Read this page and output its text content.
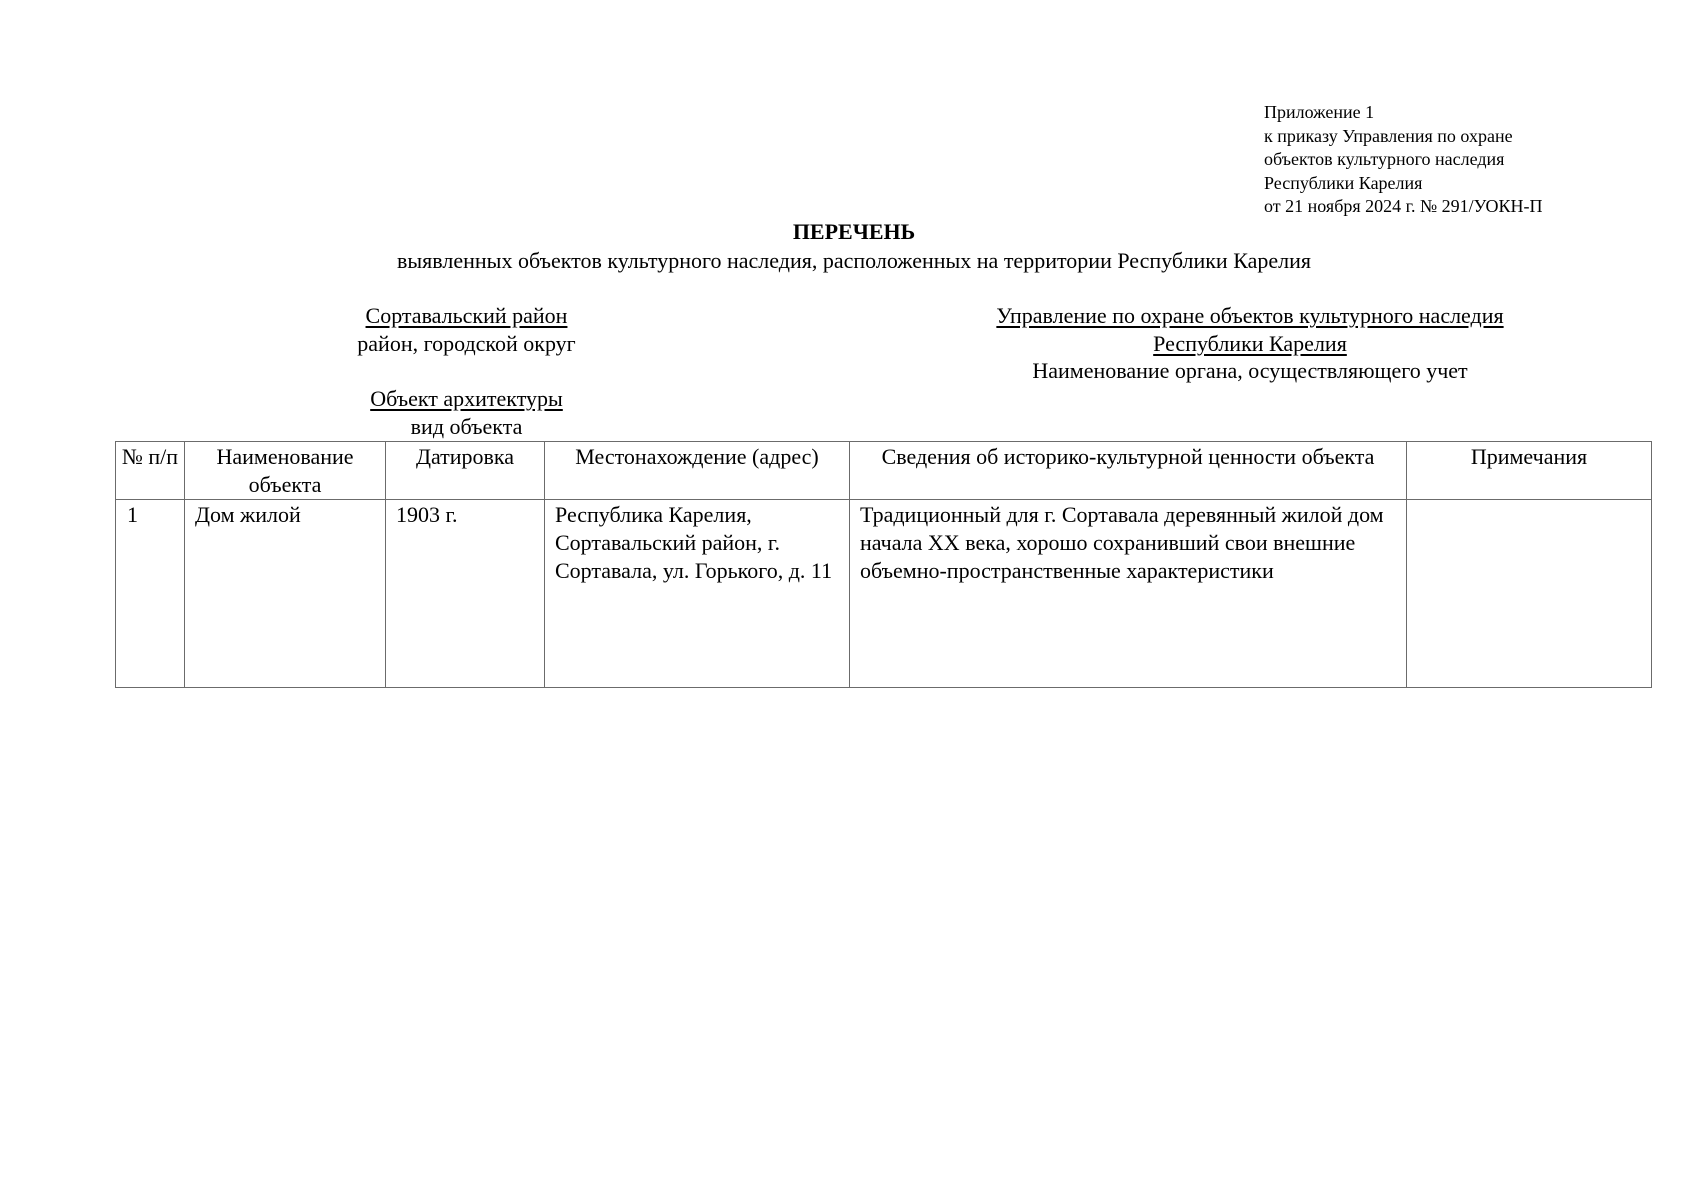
Приложение 1
к приказу Управления по охране
объектов культурного наследия
Республики Карелия
от 21 ноября 2024 г. № 291/УОКН-П
ПЕРЕЧЕНЬ
выявленных объектов культурного наследия, расположенных на территории Республики Карелия
Сортавальский район
район, городской округ
Управление по охране объектов культурного наследия
Республики Карелия
Наименование органа, осуществляющего учет
Объект архитектуры
вид объекта
№ п/п	Наименование объекта	Датировка	Местонахождение (адрес)	Сведения об историко-культурной ценности объекта	Примечания
1	Дом жилой	1903 г.	Республика Карелия, Сортавальский район, г. Сортавала, ул. Горького, д. 11	Традиционный для г. Сортавала деревянный жилой дом начала XX века, хорошо сохранивший свои внешние объемно-пространственные характеристики	
